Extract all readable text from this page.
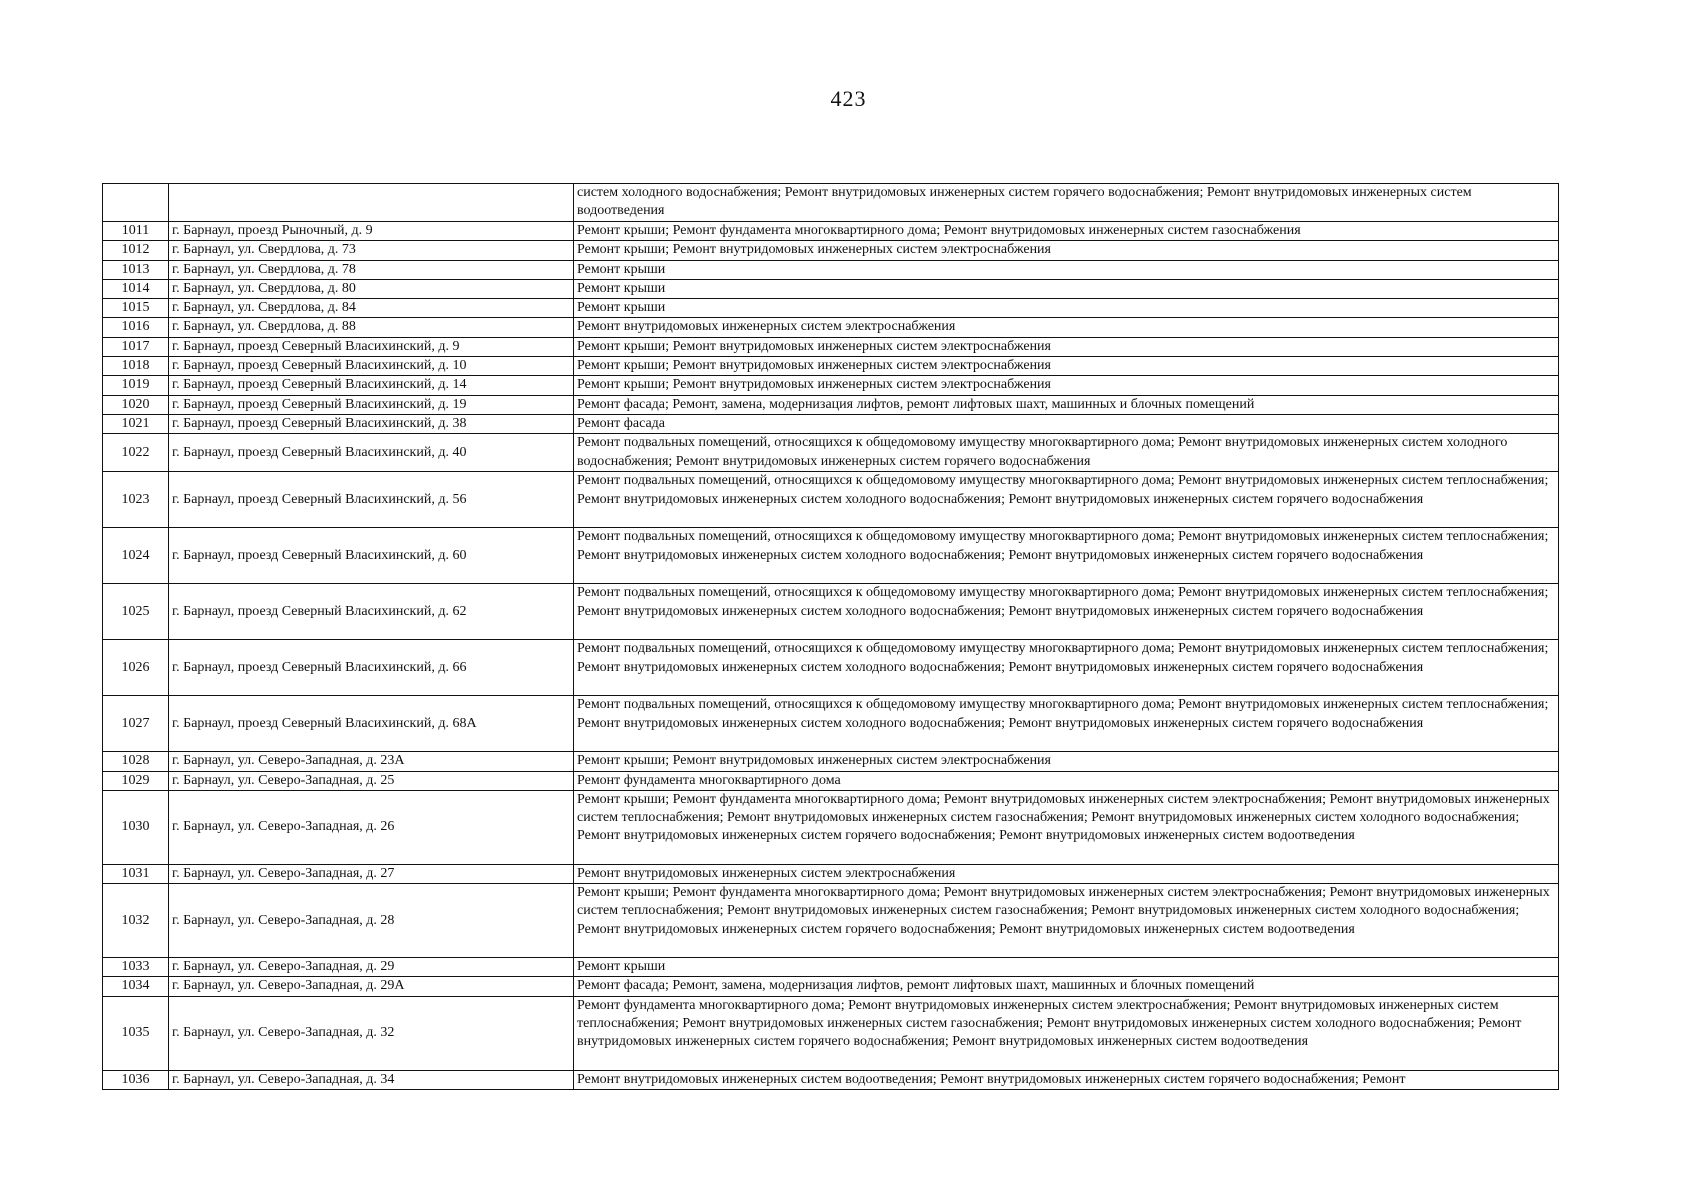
423
		систем холодного водоснабжения; Ремонт внутридомовых инженерных систем горячего водоснабжения; Ремонт внутридомовых инженерных систем водоотведения
1011	г. Барнаул, проезд Рыночный, д. 9	Ремонт крыши; Ремонт фундамента многоквартирного дома; Ремонт внутридомовых инженерных систем газоснабжения
1012	г. Барнаул, ул. Свердлова, д. 73	Ремонт крыши; Ремонт внутридомовых инженерных систем электроснабжения
1013	г. Барнаул, ул. Свердлова, д. 78	Ремонт крыши
1014	г. Барнаул, ул. Свердлова, д. 80	Ремонт крыши
1015	г. Барнаул, ул. Свердлова, д. 84	Ремонт крыши
1016	г. Барнаул, ул. Свердлова, д. 88	Ремонт внутридомовых инженерных систем электроснабжения
1017	г. Барнаул, проезд Северный Власихинский, д. 9	Ремонт крыши; Ремонт внутридомовых инженерных систем электроснабжения
1018	г. Барнаул, проезд Северный Власихинский, д. 10	Ремонт крыши; Ремонт внутридомовых инженерных систем электроснабжения
1019	г. Барнаул, проезд Северный Власихинский, д. 14	Ремонт крыши; Ремонт внутридомовых инженерных систем электроснабжения
1020	г. Барнаул, проезд Северный Власихинский, д. 19	Ремонт фасада; Ремонт, замена, модернизация лифтов, ремонт лифтовых шахт, машинных и блочных помещений
1021	г. Барнаул, проезд Северный Власихинский, д. 38	Ремонт фасада
1022	г. Барнаул, проезд Северный Власихинский, д. 40	Ремонт подвальных помещений, относящихся к общедомовому имуществу многоквартирного дома; Ремонт внутридомовых инженерных систем холодного водоснабжения; Ремонт внутридомовых инженерных систем горячего водоснабжения
1023	г. Барнаул, проезд Северный Власихинский, д. 56	Ремонт подвальных помещений, относящихся к общедомовому имуществу многоквартирного дома; Ремонт внутридомовых инженерных систем теплоснабжения; Ремонт внутридомовых инженерных систем холодного водоснабжения; Ремонт внутридомовых инженерных систем горячего водоснабжения
1024	г. Барнаул, проезд Северный Власихинский, д. 60	Ремонт подвальных помещений, относящихся к общедомовому имуществу многоквартирного дома; Ремонт внутридомовых инженерных систем теплоснабжения; Ремонт внутридомовых инженерных систем холодного водоснабжения; Ремонт внутридомовых инженерных систем горячего водоснабжения
1025	г. Барнаул, проезд Северный Власихинский, д. 62	Ремонт подвальных помещений, относящихся к общедомовому имуществу многоквартирного дома; Ремонт внутридомовых инженерных систем теплоснабжения; Ремонт внутридомовых инженерных систем холодного водоснабжения; Ремонт внутридомовых инженерных систем горячего водоснабжения
1026	г. Барнаул, проезд Северный Власихинский, д. 66	Ремонт подвальных помещений, относящихся к общедомовому имуществу многоквартирного дома; Ремонт внутридомовых инженерных систем теплоснабжения; Ремонт внутридомовых инженерных систем холодного водоснабжения; Ремонт внутридомовых инженерных систем горячего водоснабжения
1027	г. Барнаул, проезд Северный Власихинский, д. 68А	Ремонт подвальных помещений, относящихся к общедомовому имуществу многоквартирного дома; Ремонт внутридомовых инженерных систем теплоснабжения; Ремонт внутридомовых инженерных систем холодного водоснабжения; Ремонт внутридомовых инженерных систем горячего водоснабжения
1028	г. Барнаул, ул. Северо-Западная, д. 23А	Ремонт крыши; Ремонт внутридомовых инженерных систем электроснабжения
1029	г. Барнаул, ул. Северо-Западная, д. 25	Ремонт фундамента многоквартирного дома
1030	г. Барнаул, ул. Северо-Западная, д. 26	Ремонт крыши; Ремонт фундамента многоквартирного дома; Ремонт внутридомовых инженерных систем электроснабжения; Ремонт внутридомовых инженерных систем теплоснабжения; Ремонт внутридомовых инженерных систем газоснабжения; Ремонт внутридомовых инженерных систем холодного водоснабжения; Ремонт внутридомовых инженерных систем горячего водоснабжения; Ремонт внутридомовых инженерных систем водоотведения
1031	г. Барнаул, ул. Северо-Западная, д. 27	Ремонт внутридомовых инженерных систем электроснабжения
1032	г. Барнаул, ул. Северо-Западная, д. 28	Ремонт крыши; Ремонт фундамента многоквартирного дома; Ремонт внутридомовых инженерных систем электроснабжения; Ремонт внутридомовых инженерных систем теплоснабжения; Ремонт внутридомовых инженерных систем газоснабжения; Ремонт внутридомовых инженерных систем холодного водоснабжения; Ремонт внутридомовых инженерных систем горячего водоснабжения; Ремонт внутридомовых инженерных систем водоотведения
1033	г. Барнаул, ул. Северо-Западная, д. 29	Ремонт крыши
1034	г. Барнаул, ул. Северо-Западная, д. 29А	Ремонт фасада; Ремонт, замена, модернизация лифтов, ремонт лифтовых шахт, машинных и блочных помещений
1035	г. Барнаул, ул. Северо-Западная, д. 32	Ремонт фундамента многоквартирного дома; Ремонт внутридомовых инженерных систем электроснабжения; Ремонт внутридомовых инженерных систем теплоснабжения; Ремонт внутридомовых инженерных систем газоснабжения; Ремонт внутридомовых инженерных систем холодного водоснабжения; Ремонт внутридомовых инженерных систем горячего водоснабжения; Ремонт внутридомовых инженерных систем водоотведения
1036	г. Барнаул, ул. Северо-Западная, д. 34	Ремонт внутридомовых инженерных систем водоотведения; Ремонт внутридомовых инженерных систем горячего водоснабжения; Ремонт
